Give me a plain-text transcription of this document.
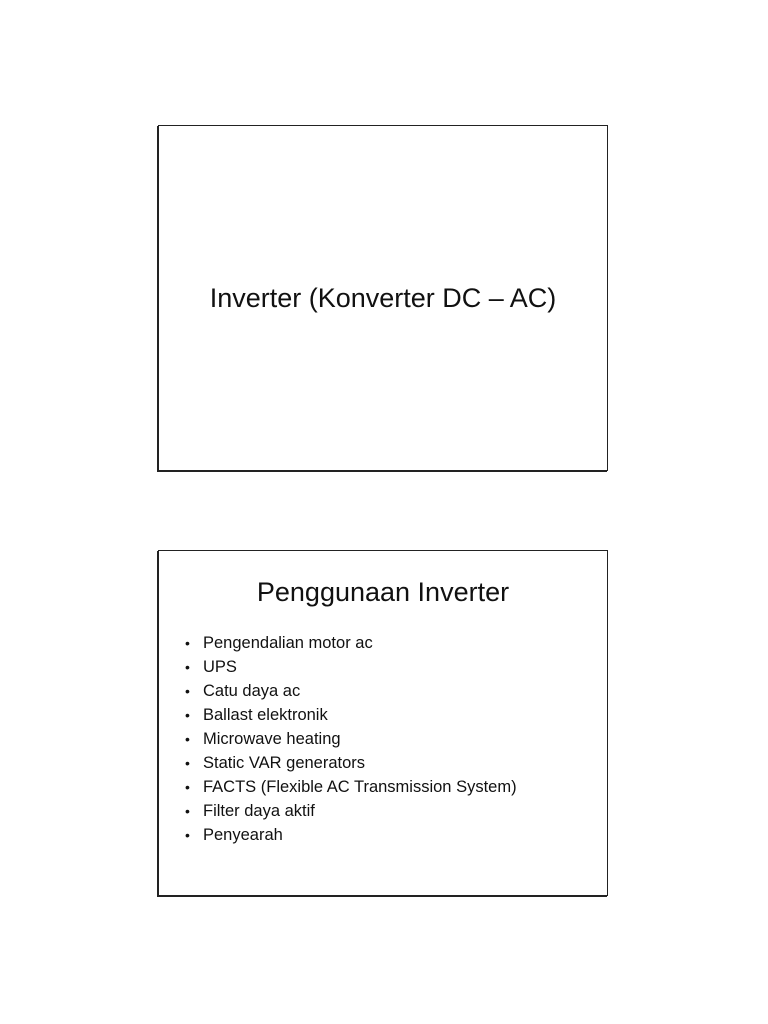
Inverter (Konverter DC – AC)
Penggunaan Inverter
• Pengendalian motor ac
• UPS
• Catu daya ac
• Ballast elektronik
• Microwave heating
• Static VAR generators
• FACTS (Flexible AC Transmission System)
• Filter daya aktif
• Penyearah
